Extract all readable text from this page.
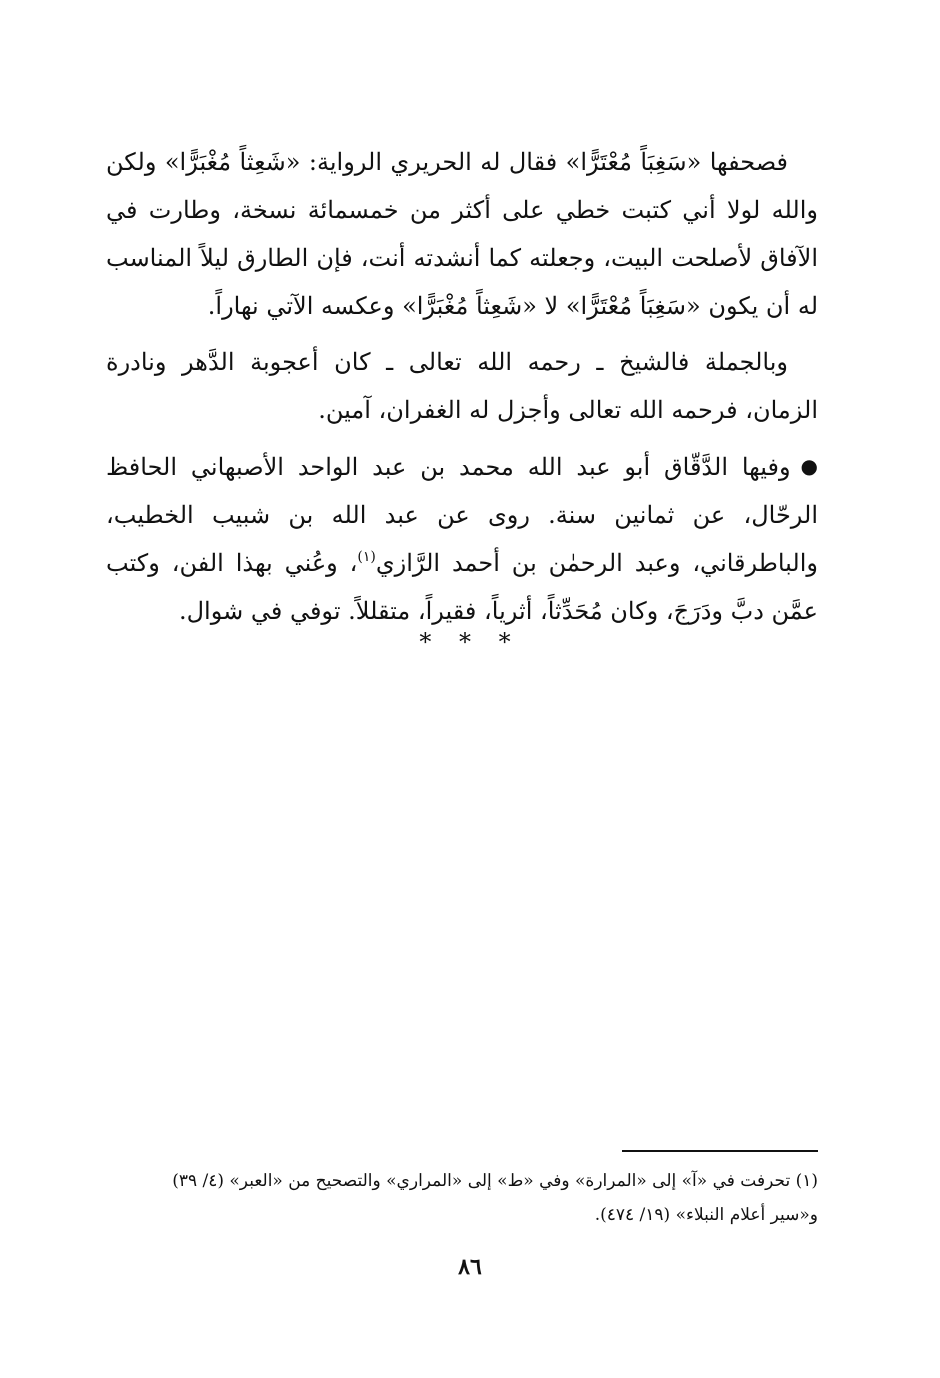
فصحفها «سَغِبَاً مُعْتَرًّا» فقال له الحريري الرواية: «شَعِثاً مُغْبَرًّا» ولكن والله لولا أني كتبت خطي على أكثر من خمسمائة نسخة، وطارت في الآفاق لأصلحت البيت، وجعلته كما أنشدته أنت، فإن الطارق ليلاً المناسب له أن يكون «سَغِبَاً مُعْتَرًّا» لا «شَعِثاً مُغْبَرًّا» وعكسه الآتي نهاراً.

وبالجملة فالشيخ ـ رحمه الله تعالى ـ كان أعجوبة الدَّهر ونادرة الزمان، فرحمه الله تعالى وأجزل له الغفران، آمين.

●وفيها الدَّقّاق أبو عبد الله محمد بن عبد الواحد الأصبهاني الحافظ الرحّال، عن ثمانين سنة. روى عن عبد الله بن شبيب الخطيب، والباطرقاني، وعبد الرحمٰن بن أحمد الرَّازي$^{(١)}$، وعُني بهذا الفن، وكتب عمَّن دبَّ ودَرَجَ، وكان مُحَدِّثاً، أثرياً، فقيراً، متقللاً. توفي في شوال.

* * *

(١) تحرفت في «آ» إلى «المرارة» وفي «ط» إلى «المراري» والتصحيح من «العبر» (٤/ ٣٩)

و«سير أعلام النبلاء» (١٩/ ٤٧٤).

٨٦
